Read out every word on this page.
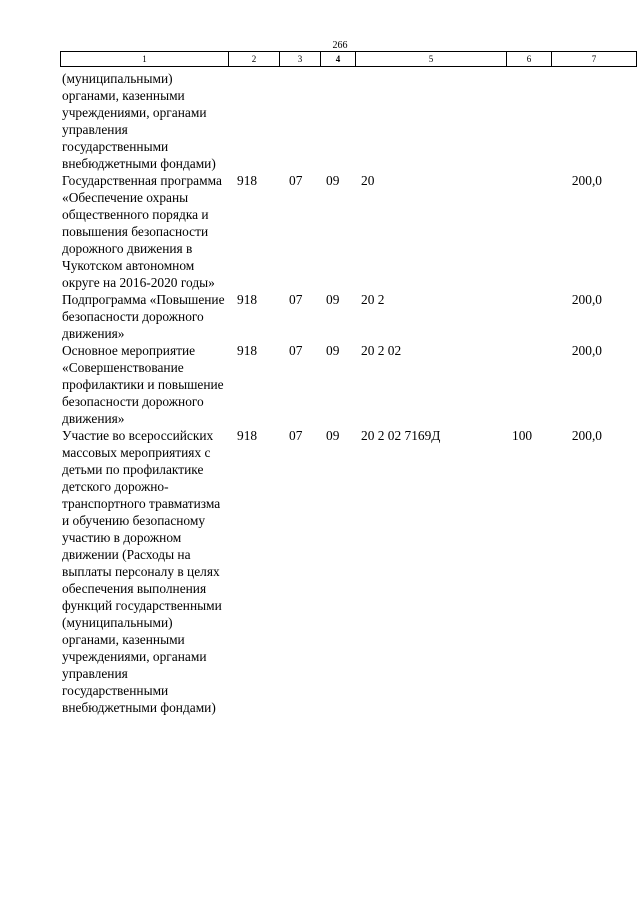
266
1	2	3	4	5	6	7
(муниципальными) органами, казенными учреждениями, органами управления государственными внебюджетными фондами)						
Государственная программа «Обеспечение охраны общественного порядка и повышения безопасности дорожного движения в Чукотском автономном округе на 2016-2020 годы»	918	07	09	20		200,0
Подпрограмма «Повышение безопасности дорожного движения»	918	07	09	20 2		200,0
Основное мероприятие «Совершенствование профилактики и повышение безопасности дорожного движения»	918	07	09	20 2 02		200,0
Участие во всероссийских массовых мероприятиях с детьми по профилактике детского дорожно-транспортного травматизма и обучению безопасному участию в дорожном движении (Расходы на выплаты персоналу в целях обеспечения выполнения функций государственными (муниципальными) органами, казенными учреждениями, органами управления государственными внебюджетными фондами)	918	07	09	20 2 02 7169Д	100	200,0
